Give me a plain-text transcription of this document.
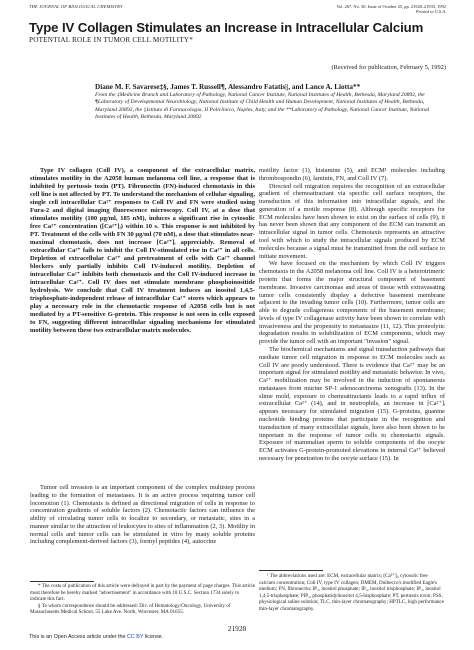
THE JOURNAL OF BIOLOGICAL CHEMISTRY	Vol. 267, No. 30, Issue of October 25, pp. 21928–21935, 1992
Printed in U.S.A.
Type IV Collagen Stimulates an Increase in Intracellular Calcium
POTENTIAL ROLE IN TUMOR CELL MOTILITY*
(Received for publication, February 5, 1992)
Diane M. F. Savarese‡§, James T. Russell¶, Alessandro Fatatis||, and Lance A. Liotta**
From the ‡Medicine Branch and Laboratory of Pathology, National Cancer Institute, National Institutes of Health, Bethesda, Maryland 20892, the ¶Laboratory of Developmental Neurobiology, National Institute of Child Health and Human Development, National Institutes of Health, Bethesda, Maryland 20892, the ||Istituto di Farmacologia, II Policlinico, Naples, Italy, and the **Laboratory of Pathology, National Cancer Institute, National Institutes of Health, Bethesda, Maryland 20892

Type IV collagen (Coll IV), a component of the extracellular matrix, stimulates motility in the A2058 human melanoma cell line, a response that is inhibited by pertussis toxin (PT). Fibronectin (FN)-induced chemotaxis in this cell line is not affected by PT. To understand the mechanism of cellular signaling, single cell intracellular Ca²⁺ responses to Coll IV and FN were studied using Fura-2 and digital imaging fluorescence microscopy. Coll IV, at a dose that stimulates motility (100 μg/ml, 185 nM), induces a significant rise in cytosolic free Ca²⁺ concentration ([Ca²⁺]ᵢ) within 10 s. This response is not inhibited by PT. Treatment of the cells with FN 30 μg/ml (70 nM), a dose that stimulates near-maximal chemotaxis, does not increase [Ca²⁺]ᵢ appreciably. Removal of extracellular Ca²⁺ fails to inhibit the Coll IV-stimulated rise in Ca²⁺ in all cells. Depletion of extracellular Ca²⁺ and pretreatment of cells with Ca²⁺ channel blockers only partially inhibits Coll IV-induced motility. Depletion of intracellular Ca²⁺ inhibits both chemotaxis and the Coll IV-induced increase in intracellular Ca²⁺. Coll IV does not stimulate membrane phosphoinositide hydrolysis. We conclude that Coll IV treatment induces an inositol 1,4,5-trisphosphate-independent release of intracellular Ca²⁺ stores which appears to play a necessary role in the chemotactic response of A2058 cells but is not mediated by a PT-sensitive G-protein. This response is not seen in cells exposed to FN, suggesting different intracellular signaling mechanisms for stimulated motility between these two extracellular matrix molecules.

Tumor cell invasion is an important component of the complex multistep process leading to the formation of metastases. It is an active process requiring tumor cell locomotion (1). Chemotaxis is defined as directional migration of cells in response to concentration gradients of soluble factors (2). Chemotactic factors can influence the ability of circulating tumor cells to localize to secondary, or metastatic, sites in a manner similar to the attraction of leukocytes to sites of inflammation (2, 3). Motility in normal cells and tumor cells can be stimulated in vitro by many soluble proteins including complement-derived factors (3), formyl peptides (4), autocrine

motility factor (1), histamine (5), and ECM¹ molecules including thrombospondin (6), laminin, FN, and Coll IV (7).

Directed cell migration requires the recognition of an extracellular gradient of chemoattractant via specific cell surface receptors, the transduction of this information into intracellular signals, and the generation of a motile response (8). Although specific receptors for ECM molecules have been shown to exist on the surface of cells (9), it has never been shown that any component of the ECM can transmit an intracellular signal in tumor cells. Chemotaxis represents an attractive tool with which to study the intracellular signals produced by ECM molecules because a signal must be transmitted from the cell surface to initiate movement.

We have focused on the mechanism by which Coll IV triggers chemotaxis in the A2058 melanoma cell line. Coll IV is a heterotrimeric protein that forms the major structural component of basement membrane. Invasive carcinomas and areas of tissue with extravasating tumor cells consistently display a defective basement membrane adjacent to the invading tumor cells (10). Furthermore, tumor cells are able to degrade collagenous components of the basement membrane; levels of type IV collagenase activity have been shown to correlate with invasiveness and the propensity to metastasize (11, 12). This proteolytic degradation results in solubilization of ECM components, which may provide the tumor cell with an important "invasion" signal.

The biochemical mechanisms and signal transduction pathways that mediate tumor cell migration in response to ECM molecules such as Coll IV are poorly understood. There is evidence that Ca²⁺ may be an important signal for stimulated motility and metastatic behavior. In vivo, Ca²⁺ mobilization may be involved in the induction of spontaneous metastases from murine SP-1 adenocarcinoma xenografts (13). In the slime mold, exposure to chemoattractants leads to a rapid influx of extracellular Ca²⁺ (14), and in neutrophils, an increase in [Ca²⁺]ᵢ appears necessary for stimulated migration (15). G-proteins, guanine nucleotide binding proteins that participate in the recognition and transduction of many extracellular signals, have also been shown to be important in the response of tumor cells to chemotactic signals. Exposure of mammalian sperm to soluble components of the oocyte ECM activates G-protein-promoted elevations in internal Ca²⁺ believed necessary for penetration to the oocyte surface (15). In

* The costs of publication of this article were defrayed in part by the payment of page charges. This article must therefore be hereby marked "advertisement" in accordance with 18 U.S.C. Section 1734 solely to indicate this fact.

§ To whom correspondence should be addressed: Div. of Hematology/Oncology, University of Massachusetts Medical School, 55 Lake Ave. North, Worcester, MA 01655.

¹ The abbreviations used are: ECM, extracellular matrix; [Ca²⁺]ᵢ, cytosolic free calcium concentration; Coll IV, type IV collagen; DMEM, Dulbecco's modified Eagle's medium; FN, fibronectin; IP₃, inositol phosphate; IP₃, inositol trisphosphate; IP₃, inositol 1,4,5-trisphosphate; PIP₂, phosphatidylinositol 4,5-bisphosphate; PT, pertussis toxin; PSS, physiological saline solution; TLC, thin-layer chromatography; HPTLC, high performance thin-layer chromatography.

21928
This is an Open Access article under the CC BY license.
